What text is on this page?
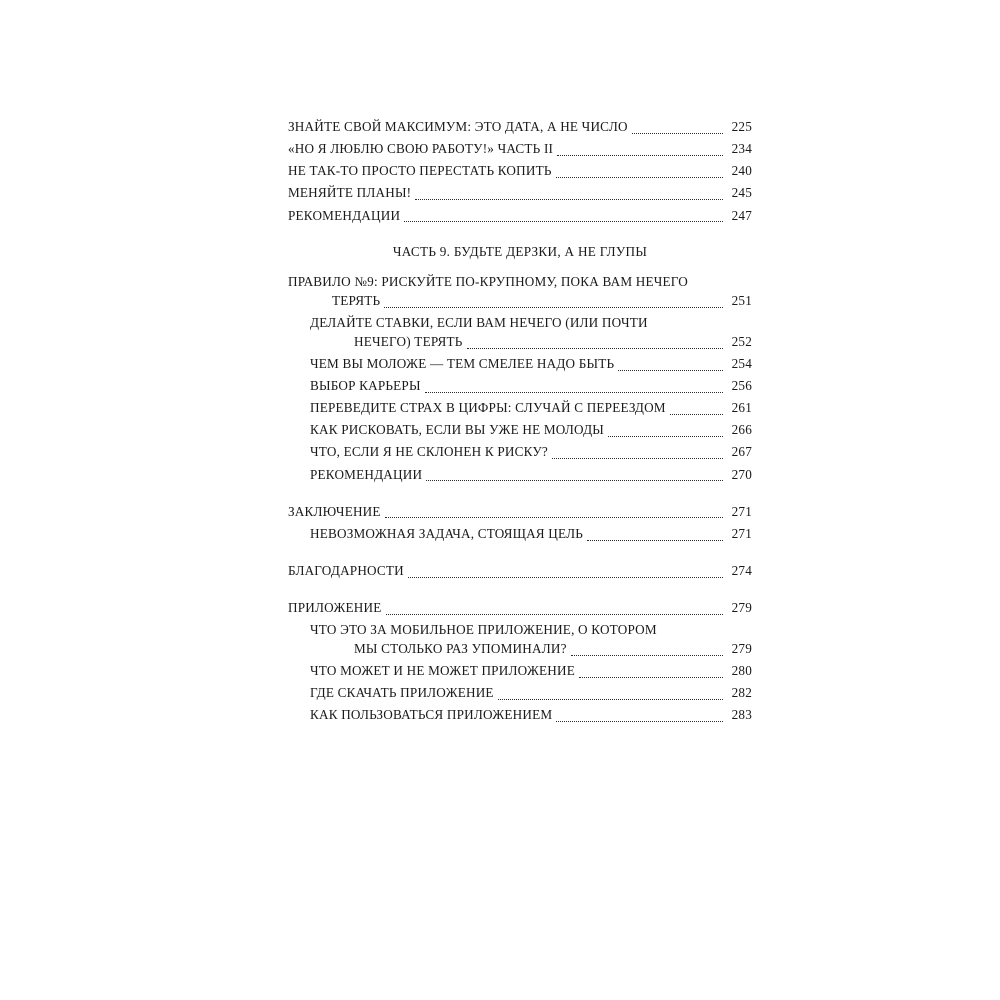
ЗНАЙТЕ СВОЙ МАКСИМУМ: ЭТО ДАТА, А НЕ ЧИСЛО	225
«НО Я ЛЮБЛЮ СВОЮ РАБОТУ!» ЧАСТЬ II	234
НЕ ТАК-ТО ПРОСТО ПЕРЕСТАТЬ КОПИТЬ	240
МЕНЯЙТЕ ПЛАНЫ!	245
РЕКОМЕНДАЦИИ	247
ЧАСТЬ 9. БУДЬТЕ ДЕРЗКИ, А НЕ ГЛУПЫ
ПРАВИЛО №9: РИСКУЙТЕ ПО-КРУПНОМУ, ПОКА ВАМ НЕЧЕГО
ТЕРЯТЬ	251
ДЕЛАЙТЕ СТАВКИ, ЕСЛИ ВАМ НЕЧЕГО (ИЛИ ПОЧТИ
НЕЧЕГО) ТЕРЯТЬ	252
ЧЕМ ВЫ МОЛОЖЕ — ТЕМ СМЕЛЕЕ НАДО БЫТЬ	254
ВЫБОР КАРЬЕРЫ	256
ПЕРЕВЕДИТЕ СТРАХ В ЦИФРЫ: СЛУЧАЙ С ПЕРЕЕЗДОМ	261
КАК РИСКОВАТЬ, ЕСЛИ ВЫ УЖЕ НЕ МОЛОДЫ	266
ЧТО, ЕСЛИ Я НЕ СКЛОНЕН К РИСКУ?	267
РЕКОМЕНДАЦИИ	270
ЗАКЛЮЧЕНИЕ	271
НЕВОЗМОЖНАЯ ЗАДАЧА, СТОЯЩАЯ ЦЕЛЬ	271
БЛАГОДАРНОСТИ	274
ПРИЛОЖЕНИЕ	279
ЧТО ЭТО ЗА МОБИЛЬНОЕ ПРИЛОЖЕНИЕ, О КОТОРОМ
МЫ СТОЛЬКО РАЗ УПОМИНАЛИ?	279
ЧТО МОЖЕТ И НЕ МОЖЕТ ПРИЛОЖЕНИЕ	280
ГДЕ СКАЧАТЬ ПРИЛОЖЕНИЕ	282
КАК ПОЛЬЗОВАТЬСЯ ПРИЛОЖЕНИЕМ	283
